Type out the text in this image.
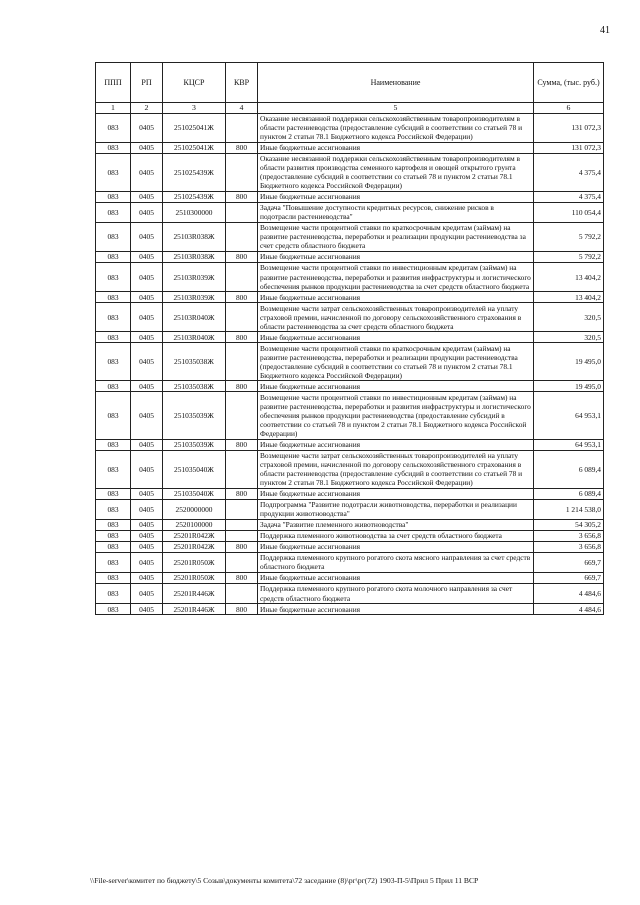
41
ППП	РП	КЦСР	КВР	Наименование	Сумма, (тыс. руб.)
1	2	3	4	5	6
083	0405	251025041Ж		Оказание несвязанной поддержки сельскохозяйственным товаропроизводителям в области растениеводства (предоставление субсидий в соответствии со статьей 78 и пунктом 2 статьи 78.1 Бюджетного кодекса Российской Федерации)	131 072,3
083	0405	251025041Ж	800	Иные бюджетные ассигнования	131 072,3
083	0405	251025439Ж		Оказание несвязанной поддержки сельскохозяйственным товаропроизводителям в области развития производства семенного картофеля и овощей открытого грунта (предоставление субсидий в соответствии со статьей 78 и пунктом 2 статьи 78.1 Бюджетного кодекса Российской Федерации)	4 375,4
083	0405	251025439Ж	800	Иные бюджетные ассигнования	4 375,4
083	0405	2510300000		Задача "Повышение доступности кредитных ресурсов, снижение рисков в подотрасли растениеводства"	110 054,4
083	0405	25103R038Ж		Возмещение части процентной ставки по краткосрочным кредитам (займам) на развитие растениеводства, переработки и реализации продукции растениеводства за счет средств областного бюджета	5 792,2
083	0405	25103R038Ж	800	Иные бюджетные ассигнования	5 792,2
083	0405	25103R039Ж		Возмещение части процентной ставки по инвестиционным кредитам (займам) на развитие растениеводства, переработки и развития инфраструктуры и логистического обеспечения рынков продукции растениеводства за счет средств областного бюджета	13 404,2
083	0405	25103R039Ж	800	Иные бюджетные ассигнования	13 404,2
083	0405	25103R040Ж		Возмещение части затрат сельскохозяйственных товаропроизводителей на уплату страховой премии, начисленной по договору сельскохозяйственного страхования в области растениеводства за счет средств областного бюджета	320,5
083	0405	25103R040Ж	800	Иные бюджетные ассигнования	320,5
083	0405	251035038Ж		Возмещение части процентной ставки по краткосрочным кредитам (займам) на развитие растениеводства, переработки и реализации продукции растениеводства (предоставление субсидий в соответствии со статьей 78 и пунктом 2 статьи 78.1 Бюджетного кодекса Российской Федерации)	19 495,0
083	0405	251035038Ж	800	Иные бюджетные ассигнования	19 495,0
083	0405	251035039Ж		Возмещение части процентной ставки по инвестиционным кредитам (займам) на развитие растениеводства, переработки и развития инфраструктуры и логистического обеспечения рынков продукции растениеводства (предоставление субсидий в соответствии со статьей 78 и пунктом 2 статьи 78.1 Бюджетного кодекса Российской Федерации)	64 953,1
083	0405	251035039Ж	800	Иные бюджетные ассигнования	64 953,1
083	0405	251035040Ж		Возмещение части затрат сельскохозяйственных товаропроизводителей на уплату страховой премии, начисленной по договору сельскохозяйственного страхования в области растениеводства (предоставление субсидий в соответствии со статьей 78 и пунктом 2 статьи 78.1 Бюджетного кодекса Российской Федерации)	6 089,4
083	0405	251035040Ж	800	Иные бюджетные ассигнования	6 089,4
083	0405	2520000000		Подпрограмма "Развитие подотрасли животноводства, переработки и реализации продукции животноводства"	1 214 538,0
083	0405	2520100000		Задача "Развитие племенного животноводства"	54 305,2
083	0405	25201R042Ж		Поддержка племенного животноводства за счет средств областного бюджета	3 656,8
083	0405	25201R042Ж	800	Иные бюджетные ассигнования	3 656,8
083	0405	25201R050Ж		Поддержка племенного крупного рогатого скота мясного направления за счет средств областного бюджета	669,7
083	0405	25201R050Ж	800	Иные бюджетные ассигнования	669,7
083	0405	25201R446Ж		Поддержка племенного крупного рогатого скота молочного направления за счет средств областного бюджета	4 484,6
083	0405	25201R446Ж	800	Иные бюджетные ассигнования	4 484,6
\\File-server\комитет по бюджету\5 Созыв\документы комитета\72 заседание (8)\рг\рг(72) 1903-П-5\Прил 5 Прил 11 ВСР
